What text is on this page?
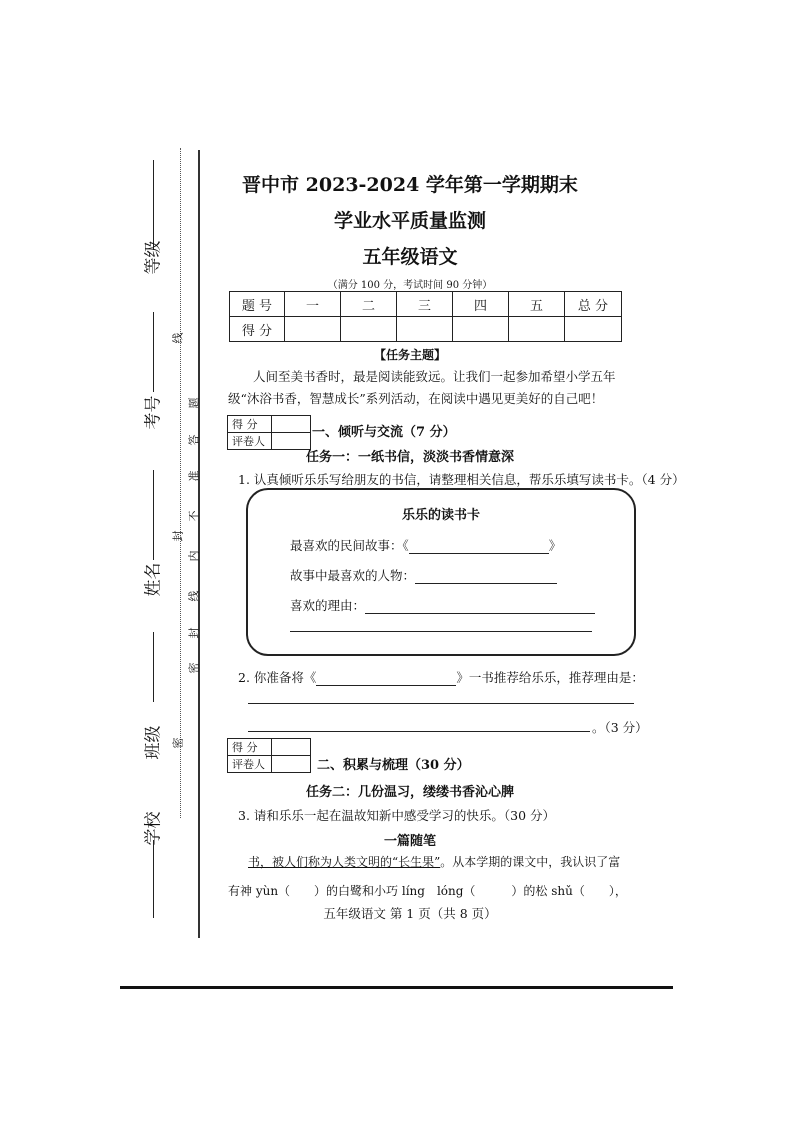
等级
考号
姓名
班级
学校
线
题
答
准
不
内
封
线
封
密
密
晋中市 2023-2024 学年第一学期期末
学业水平质量监测
五年级语文
（满分 100 分，考试时间 90 分钟）
题 号	一	二	三	四	五	总 分
得 分						
【任务主题】
人间至美书香时，最是阅读能致远。让我们一起参加希望小学五年级“沐浴书香，智慧成长”系列活动，在阅读中遇见更美好的自己吧！
得 分	
评卷人	
一、倾听与交流（7 分）
任务一：一纸书信，淡淡书香情意深
1. 认真倾听乐乐写给朋友的书信，请整理相关信息，帮乐乐填写读书卡。（4 分）
乐乐的读书卡
最喜欢的民间故事：《	》
故事中最喜欢的人物：
喜欢的理由：
2. 你准备将《	》一书推荐给乐乐，推荐理由是：
。（3 分）
得 分	
评卷人		二、积累与梳理（30 分）
任务二：几份温习，缕缕书香沁心脾
3. 请和乐乐一起在温故知新中感受学习的快乐。（30 分）
一篇随笔
书，被人们称为人类文明的“长生果”。从本学期的课文中，我认识了富
有神 yùn（　　）的白鹭和小巧 líng　lóng（　　　）的松 shǔ（　　），
五年级语文 第 1 页（共 8 页）
